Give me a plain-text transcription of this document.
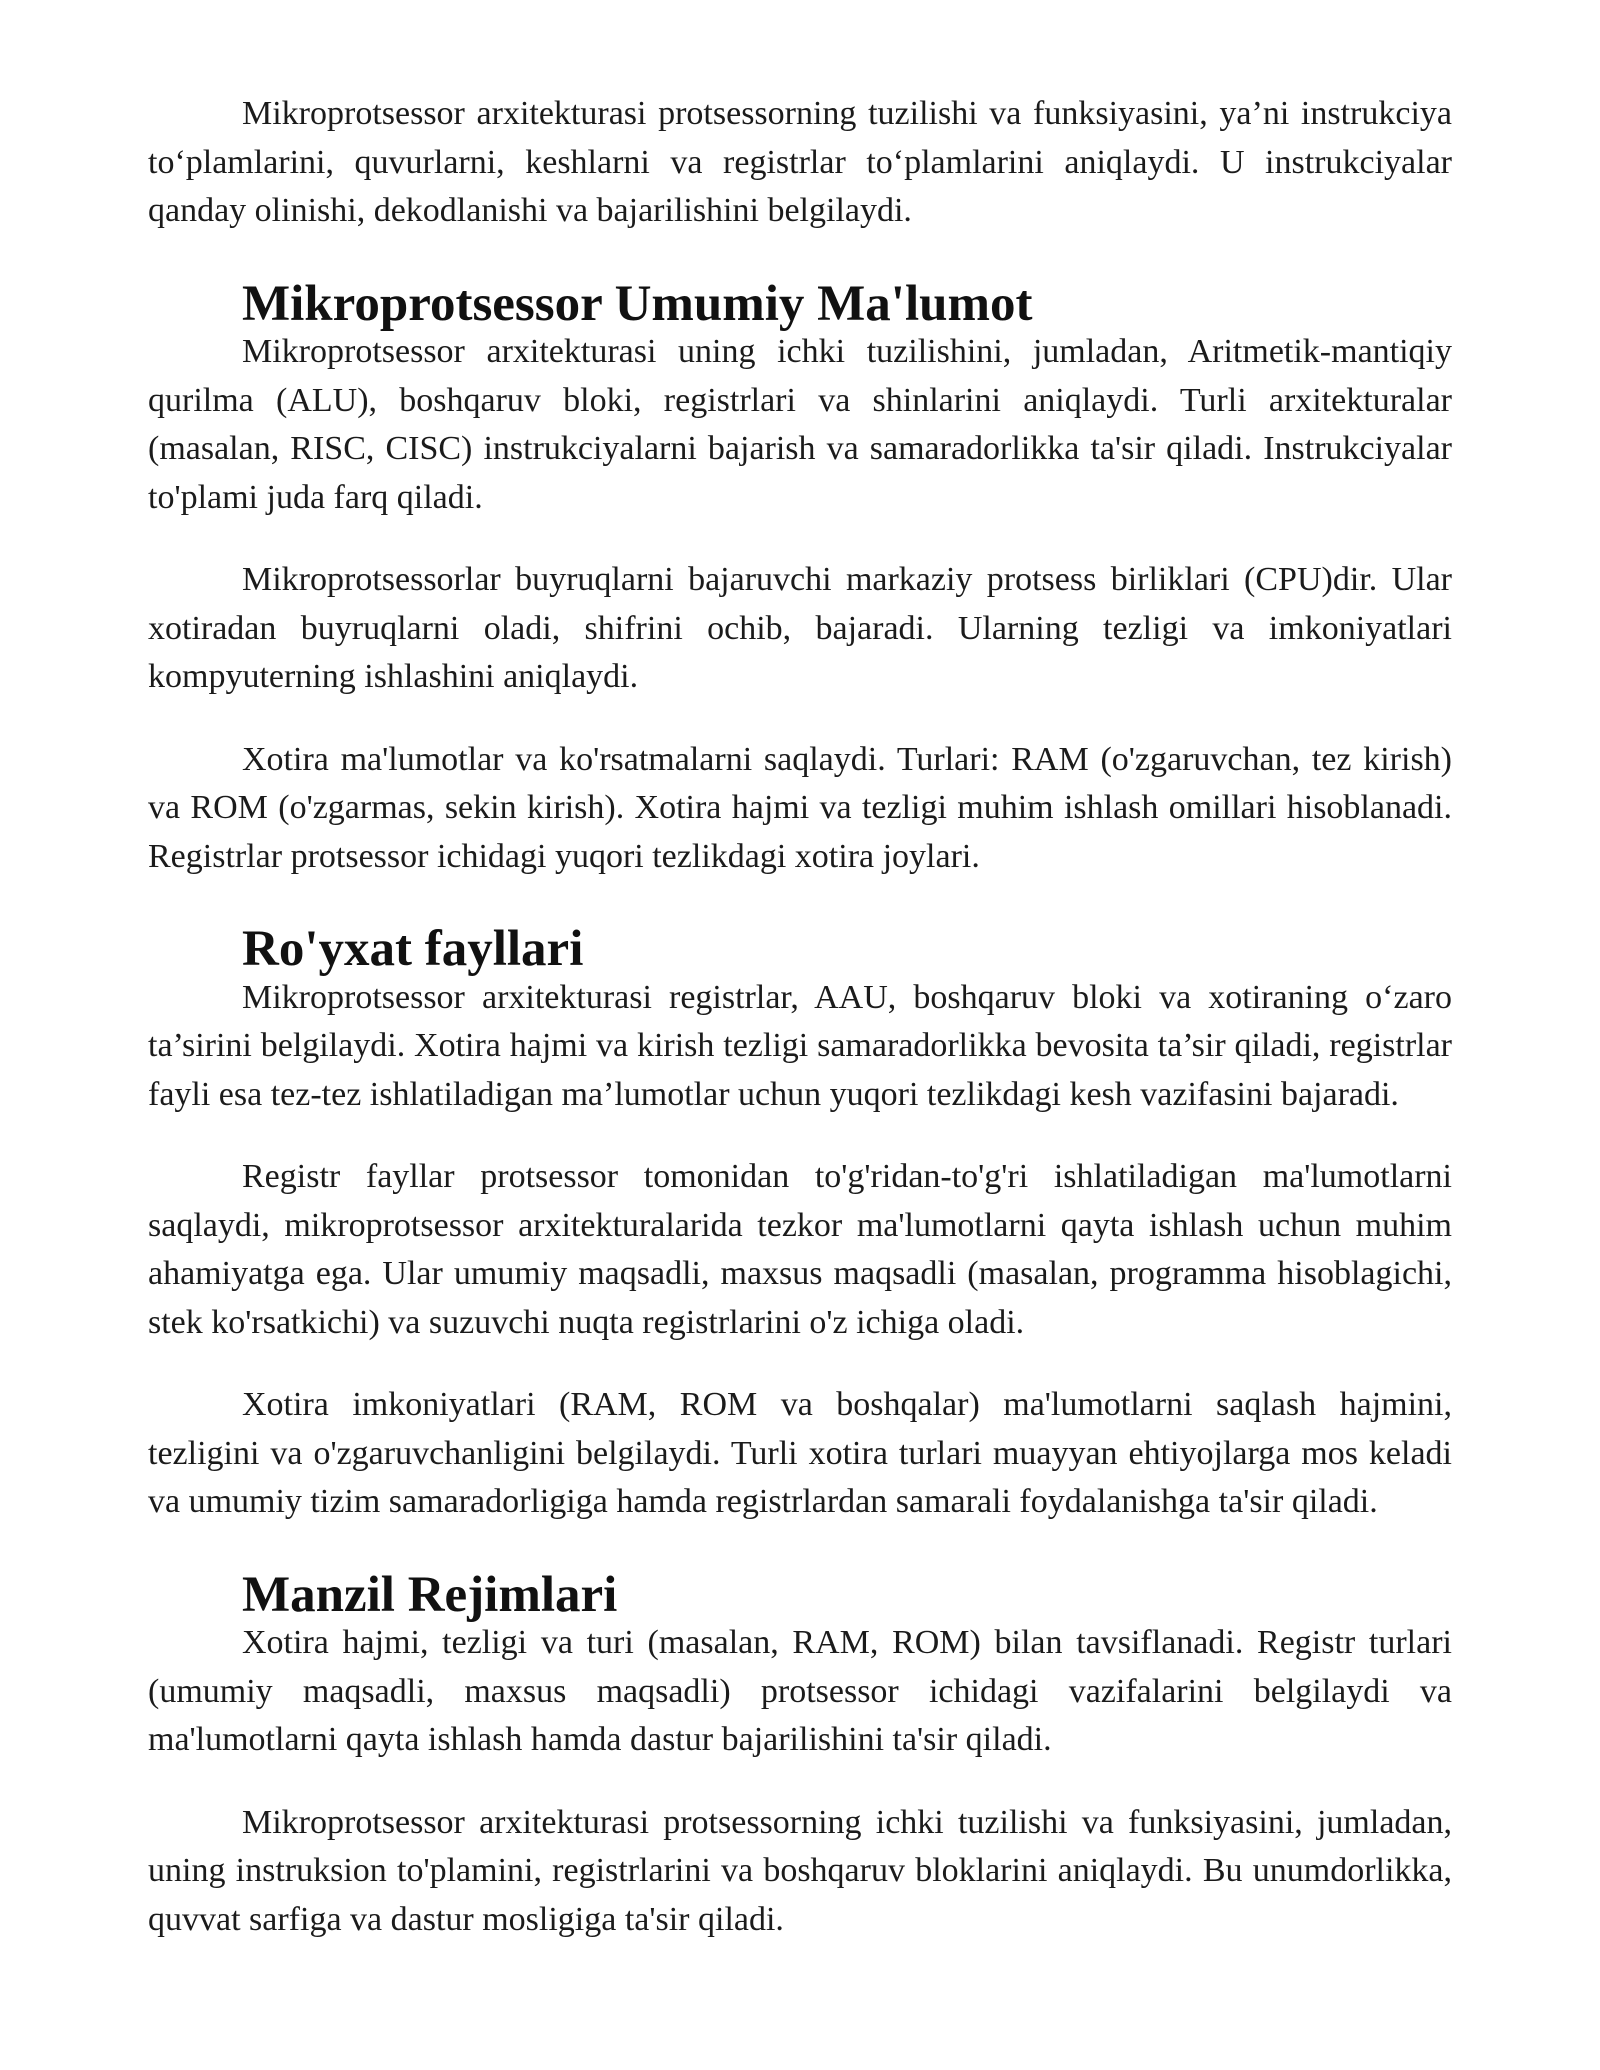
Mikroprotsessor arxitekturasi protsessorning tuzilishi va funksiyasini, ya’ni instrukciya to‘plamlarini, quvurlarni, keshlarni va registrlar to‘plamlarini aniqlaydi. U instrukciyalar qanday olinishi, dekodlanishi va bajarilishini belgilaydi.

Mikroprotsessor Umumiy Ma'lumot

Mikroprotsessor arxitekturasi uning ichki tuzilishini, jumladan, Aritmetik-mantiqiy qurilma (ALU), boshqaruv bloki, registrlari va shinlarini aniqlaydi. Turli arxitekturalar (masalan, RISC, CISC) instrukciyalarni bajarish va samaradorlikka ta'sir qiladi. Instrukciyalar to'plami juda farq qiladi.

Mikroprotsessorlar buyruqlarni bajaruvchi markaziy protsess birliklari (CPU)dir. Ular xotiradan buyruqlarni oladi, shifrini ochib, bajaradi. Ularning tezligi va imkoniyatlari kompyuterning ishlashini aniqlaydi.

Xotira ma'lumotlar va ko'rsatmalarni saqlaydi. Turlari: RAM (o'zgaruvchan, tez kirish) va ROM (o'zgarmas, sekin kirish). Xotira hajmi va tezligi muhim ishlash omillari hisoblanadi. Registrlar protsessor ichidagi yuqori tezlikdagi xotira joylari.

Ro'yxat fayllari

Mikroprotsessor arxitekturasi registrlar, AAU, boshqaruv bloki va xotiraning o‘zaro ta’sirini belgilaydi. Xotira hajmi va kirish tezligi samaradorlikka bevosita ta’sir qiladi, registrlar fayli esa tez-tez ishlatiladigan ma’lumotlar uchun yuqori tezlikdagi kesh vazifasini bajaradi.

Registr fayllar protsessor tomonidan to'g'ridan-to'g'ri ishlatiladigan ma'lumotlarni saqlaydi, mikroprotsessor arxitekturalarida tezkor ma'lumotlarni qayta ishlash uchun muhim ahamiyatga ega. Ular umumiy maqsadli, maxsus maqsadli (masalan, programma hisoblagichi, stek ko'rsatkichi) va suzuvchi nuqta registrlarini o'z ichiga oladi.

Xotira imkoniyatlari (RAM, ROM va boshqalar) ma'lumotlarni saqlash hajmini, tezligini va o'zgaruvchanligini belgilaydi. Turli xotira turlari muayyan ehtiyojlarga mos keladi va umumiy tizim samaradorligiga hamda registrlardan samarali foydalanishga ta'sir qiladi.

Manzil Rejimlari

Xotira hajmi, tezligi va turi (masalan, RAM, ROM) bilan tavsiflanadi. Registr turlari (umumiy maqsadli, maxsus maqsadli) protsessor ichidagi vazifalarini belgilaydi va ma'lumotlarni qayta ishlash hamda dastur bajarilishini ta'sir qiladi.

Mikroprotsessor arxitekturasi protsessorning ichki tuzilishi va funksiyasini, jumladan, uning instruksion to'plamini, registrlarini va boshqaruv bloklarini aniqlaydi. Bu unumdorlikka, quvvat sarfiga va dastur mosligiga ta'sir qiladi.
